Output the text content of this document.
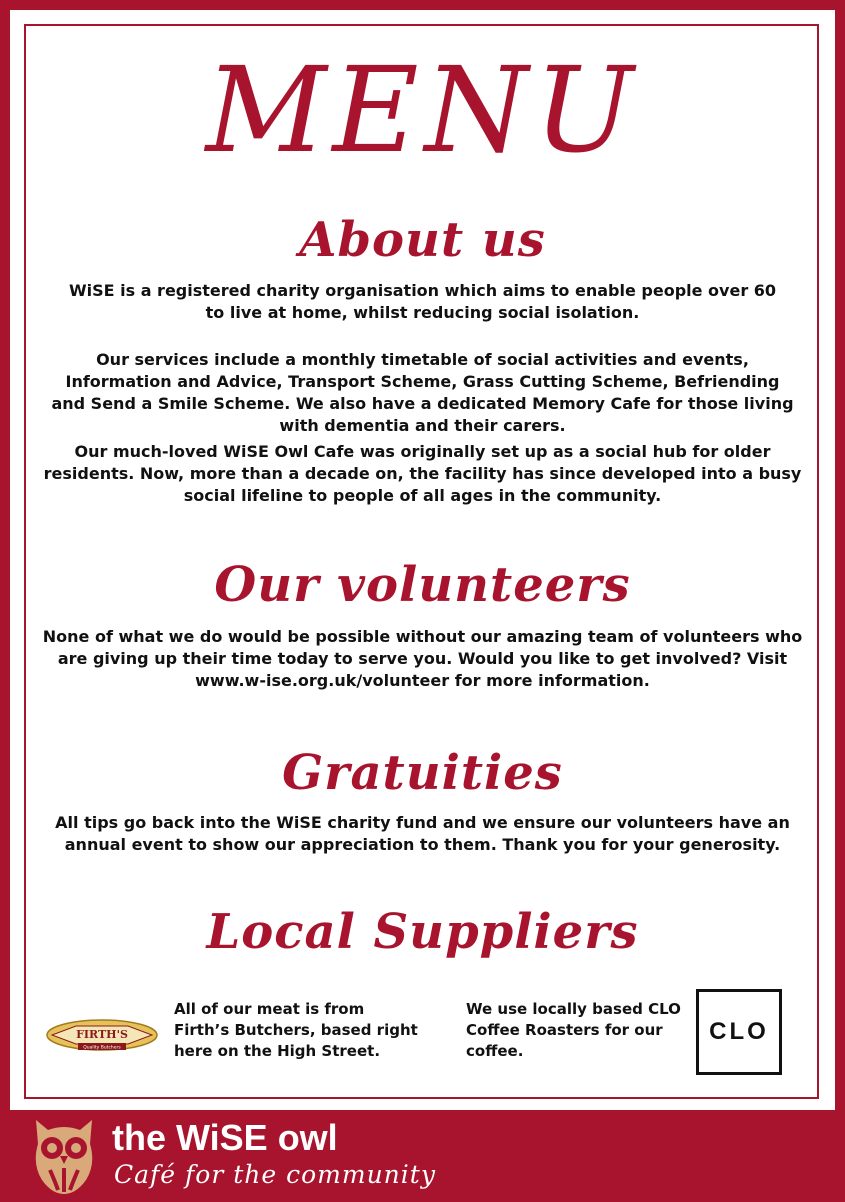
MENU
About us

WiSE is a registered charity organisation which aims to enable people over 60 to live at home, whilst reducing social isolation.

Our services include a monthly timetable of social activities and events, Information and Advice, Transport Scheme, Grass Cutting Scheme, Befriending and Send a Smile Scheme. We also have a dedicated Memory Cafe for those living with dementia and their carers.

Our much-loved WiSE Owl Cafe was originally set up as a social hub for older residents. Now, more than a decade on, the facility has since developed into a busy social lifeline to people of all ages in the community.

Our volunteers

None of what we do would be possible without our amazing team of volunteers who are giving up their time today to serve you. Would you like to get involved? Visit www.w-ise.org.uk/volunteer for more information.

Gratuities

All tips go back into the WiSE charity fund and we ensure our volunteers have an annual event to show our appreciation to them. Thank you for your generosity.

Local Suppliers
FIRTH'S
Quality Butchers

All of our meat is from Firth’s Butchers, based right here on the High Street.

We use locally based CLO Coffee Roasters for our coffee.

CLO

the WiSE owl

Café for the community
